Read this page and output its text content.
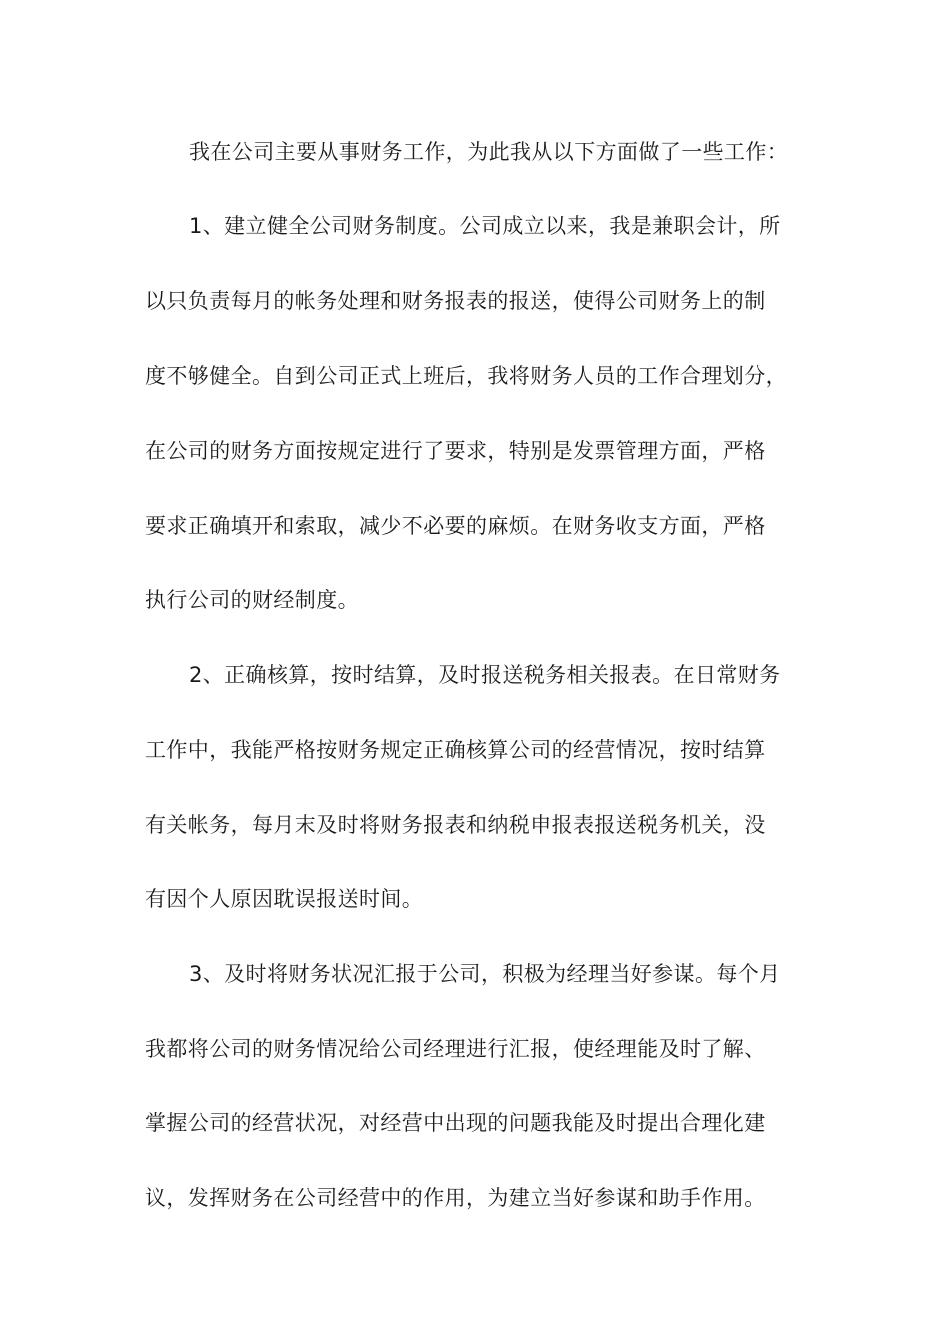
我在公司主要从事财务工作，为此我从以下方面做了一些工作：
1、建立健全公司财务制度。公司成立以来，我是兼职会计，所
以只负责每月的帐务处理和财务报表的报送，使得公司财务上的制
度不够健全。自到公司正式上班后，我将财务人员的工作合理划分，
在公司的财务方面按规定进行了要求，特别是发票管理方面，严格
要求正确填开和索取，减少不必要的麻烦。在财务收支方面，严格
执行公司的财经制度。
2、正确核算，按时结算，及时报送税务相关报表。在日常财务
工作中，我能严格按财务规定正确核算公司的经营情况，按时结算
有关帐务，每月末及时将财务报表和纳税申报表报送税务机关，没
有因个人原因耽误报送时间。
3、及时将财务状况汇报于公司，积极为经理当好参谋。每个月
我都将公司的财务情况给公司经理进行汇报，使经理能及时了解、
掌握公司的经营状况，对经营中出现的问题我能及时提出合理化建
议，发挥财务在公司经营中的作用，为建立当好参谋和助手作用。
